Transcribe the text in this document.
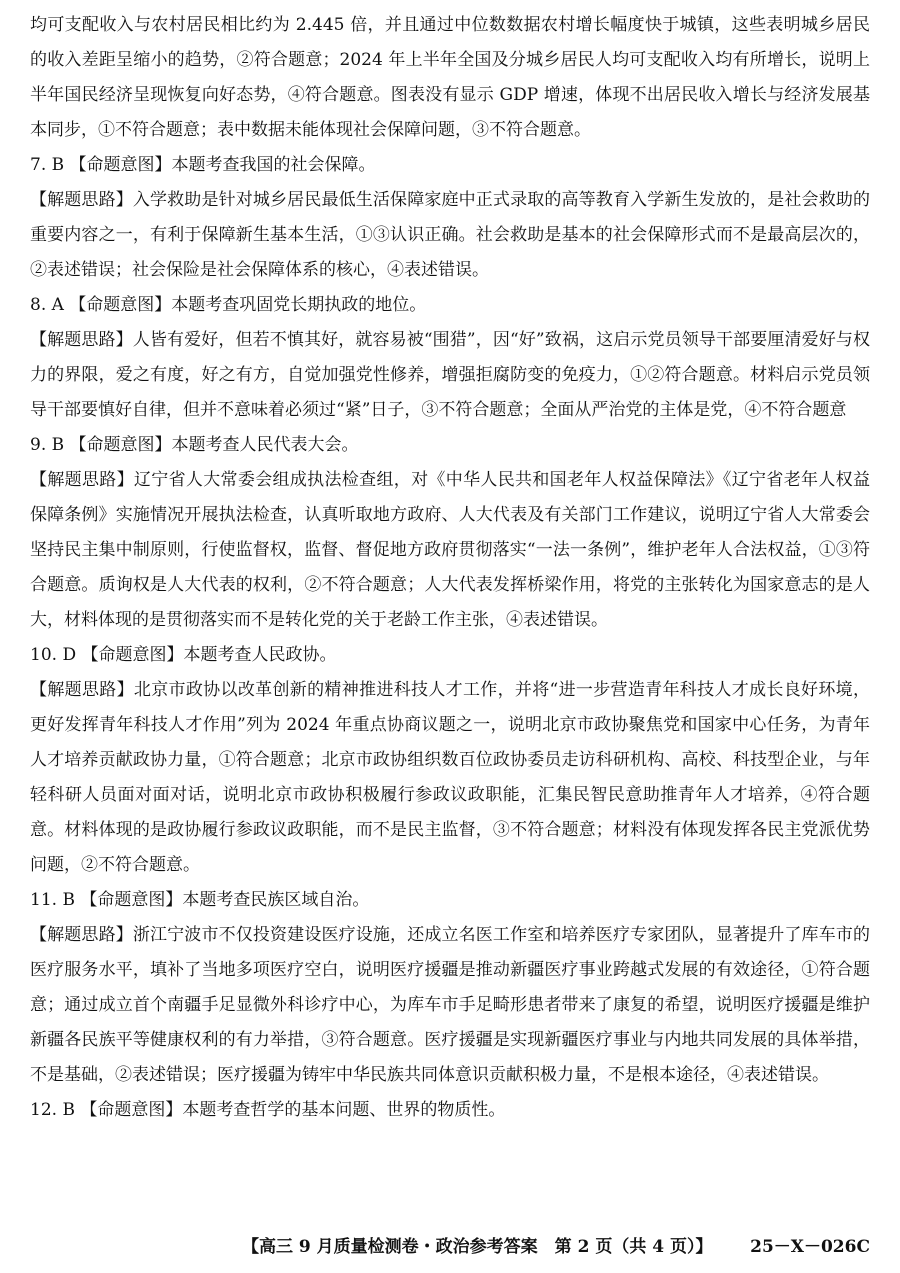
均可支配收入与农村居民相比约为 2.445 倍，并且通过中位数数据农村增长幅度快于城镇，这些表明城乡居民的收入差距呈缩小的趋势，②符合题意；2024 年上半年全国及分城乡居民人均可支配收入均有所增长，说明上半年国民经济呈现恢复向好态势，④符合题意。图表没有显示 GDP 增速，体现不出居民收入增长与经济发展基本同步，①不符合题意；表中数据未能体现社会保障问题，③不符合题意。

7. B 【命题意图】本题考查我国的社会保障。

【解题思路】入学救助是针对城乡居民最低生活保障家庭中正式录取的高等教育入学新生发放的，是社会救助的重要内容之一，有利于保障新生基本生活，①③认识正确。社会救助是基本的社会保障形式而不是最高层次的，②表述错误；社会保险是社会保障体系的核心，④表述错误。

8. A 【命题意图】本题考查巩固党长期执政的地位。

【解题思路】人皆有爱好，但若不慎其好，就容易被“围猎”，因“好”致祸，这启示党员领导干部要厘清爱好与权力的界限，爱之有度，好之有方，自觉加强党性修养，增强拒腐防变的免疫力，①②符合题意。材料启示党员领导干部要慎好自律，但并不意味着必须过“紧”日子，③不符合题意；全面从严治党的主体是党，④不符合题意

9. B 【命题意图】本题考查人民代表大会。

【解题思路】辽宁省人大常委会组成执法检查组，对《中华人民共和国老年人权益保障法》《辽宁省老年人权益保障条例》实施情况开展执法检查，认真听取地方政府、人大代表及有关部门工作建议，说明辽宁省人大常委会坚持民主集中制原则，行使监督权，监督、督促地方政府贯彻落实“一法一条例”，维护老年人合法权益，①③符合题意。质询权是人大代表的权利，②不符合题意；人大代表发挥桥梁作用，将党的主张转化为国家意志的是人大，材料体现的是贯彻落实而不是转化党的关于老龄工作主张，④表述错误。

10. D 【命题意图】本题考查人民政协。

【解题思路】北京市政协以改革创新的精神推进科技人才工作，并将“进一步营造青年科技人才成长良好环境，更好发挥青年科技人才作用”列为 2024 年重点协商议题之一，说明北京市政协聚焦党和国家中心任务，为青年人才培养贡献政协力量，①符合题意；北京市政协组织数百位政协委员走访科研机构、高校、科技型企业，与年轻科研人员面对面对话，说明北京市政协积极履行参政议政职能，汇集民智民意助推青年人才培养，④符合题意。材料体现的是政协履行参政议政职能，而不是民主监督，③不符合题意；材料没有体现发挥各民主党派优势问题，②不符合题意。

11. B 【命题意图】本题考查民族区域自治。

【解题思路】浙江宁波市不仅投资建设医疗设施，还成立名医工作室和培养医疗专家团队，显著提升了库车市的医疗服务水平，填补了当地多项医疗空白，说明医疗援疆是推动新疆医疗事业跨越式发展的有效途径，①符合题意；通过成立首个南疆手足显微外科诊疗中心，为库车市手足畸形患者带来了康复的希望，说明医疗援疆是维护新疆各民族平等健康权利的有力举措，③符合题意。医疗援疆是实现新疆医疗事业与内地共同发展的具体举措，不是基础，②表述错误；医疗援疆为铸牢中华民族共同体意识贡献积极力量，不是根本途径，④表述错误。

12. B 【命题意图】本题考查哲学的基本问题、世界的物质性。

【高三 9 月质量检测卷・政治参考答案　第 2 页（共 4 页）】 25－X－026C
